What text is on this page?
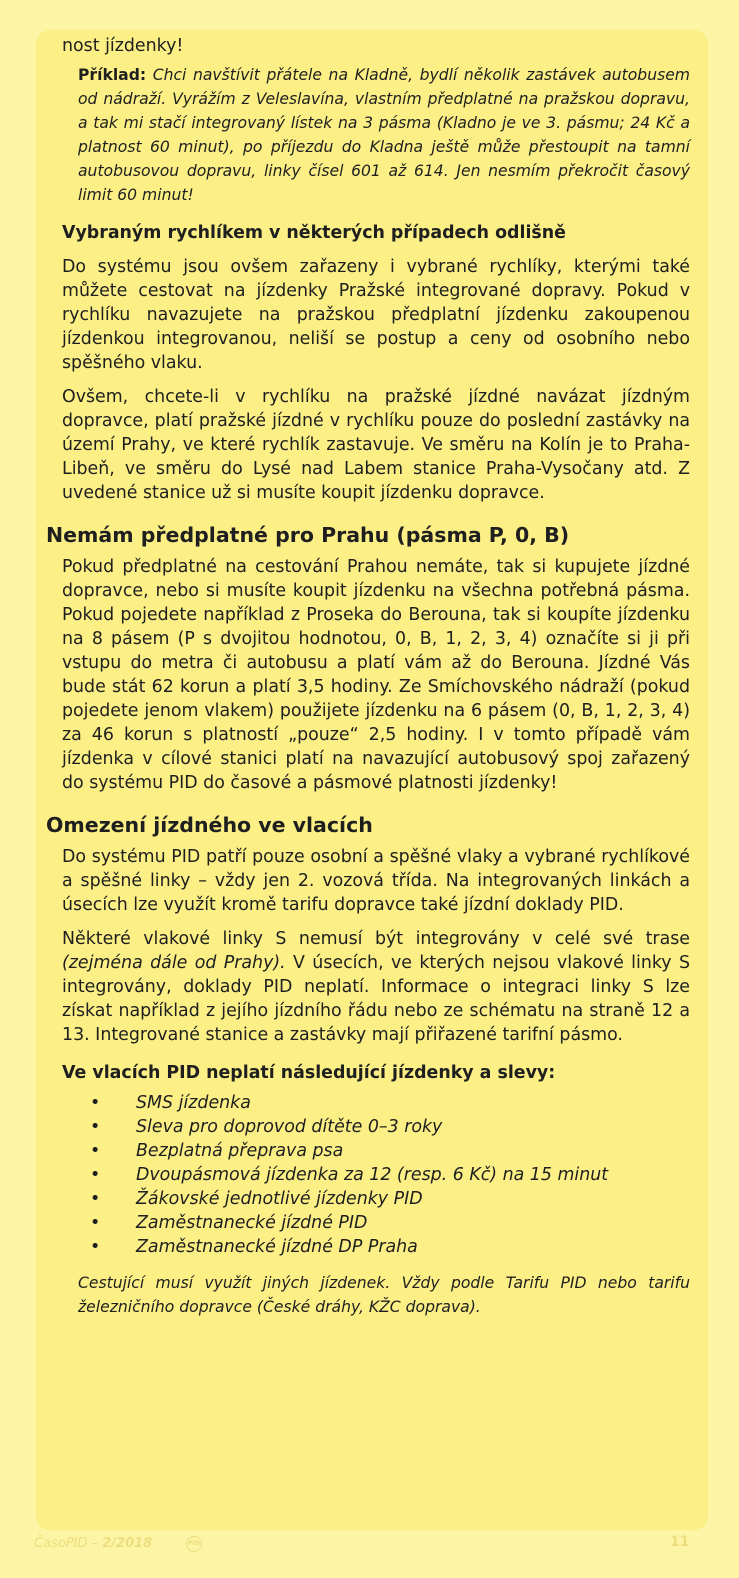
nost jízdenky!

Příklad: Chci navštívit přátele na Kladně, bydlí několik zastávek autobusem od nádraží. Vyrážím z Veleslavína, vlastním předplatné na pražskou dopravu, a tak mi stačí integrovaný lístek na 3 pásma (Kladno je ve 3. pásmu; 24 Kč a platnost 60 minut), po příjezdu do Kladna ještě může přestoupit na tamní autobusovou dopravu, linky čísel 601 až 614. Jen nesmím překročit časový limit 60 minut!

Vybraným rychlíkem v některých případech odlišně

Do systému jsou ovšem zařazeny i vybrané rychlíky, kterými také můžete cestovat na jízdenky Pražské integrované dopravy. Pokud v rychlíku navazujete na pražskou předplatní jízdenku zakoupenou jízdenkou integrovanou, neliší se postup a ceny od osobního nebo spěšného vlaku.

Ovšem, chcete-li v rychlíku na pražské jízdné navázat jízdným dopravce, platí pražské jízdné v rychlíku pouze do poslední zastávky na území Prahy, ve které rychlík zastavuje. Ve směru na Kolín je to Praha-Libeň, ve směru do Lysé nad Labem stanice Praha-Vysočany atd. Z uvedené stanice už si musíte koupit jízdenku dopravce.

Nemám předplatné pro Prahu (pásma P, 0, B)

Pokud předplatné na cestování Prahou nemáte, tak si kupujete jízdné dopravce, nebo si musíte koupit jízdenku na všechna potřebná pásma. Pokud pojedete například z Proseka do Berouna, tak si koupíte jízdenku na 8 pásem (P s dvojitou hodnotou, 0, B, 1, 2, 3, 4) označíte si ji při vstupu do metra či autobusu a platí vám až do Berouna. Jízdné Vás bude stát 62 korun a platí 3,5 hodiny. Ze Smíchovského nádraží (pokud pojedete jenom vlakem) použijete jízdenku na 6 pásem (0, B, 1, 2, 3, 4) za 46 korun s platností „pouze“ 2,5 hodiny. I v tomto případě vám jízdenka v cílové stanici platí na navazující autobusový spoj zařazený do systému PID do časové a pásmové platnosti jízdenky!

Omezení jízdného ve vlacích

Do systému PID patří pouze osobní a spěšné vlaky a vybrané rychlíkové a spěšné linky – vždy jen 2. vozová třída. Na integrovaných linkách a úsecích lze využít kromě tarifu dopravce také jízdní doklady PID.

Některé vlakové linky S nemusí být integrovány v celé své trase (zejména dále od Prahy). V úsecích, ve kterých nejsou vlakové linky S integrovány, doklady PID neplatí. Informace o integraci linky S lze získat například z jejího jízdního řádu nebo ze schématu na straně 12 a 13. Integrované stanice a zastávky mají přiřazené tarifní pásmo.

Ve vlacích PID neplatí následující jízdenky a slevy:

• SMS jízdenka
• Sleva pro doprovod dítěte 0–3 roky
• Bezplatná přeprava psa
• Dvoupásmová jízdenka za 12 (resp. 6 Kč) na 15 minut
• Žákovské jednotlivé jízdenky PID
• Zaměstnanecké jízdné PID
• Zaměstnanecké jízdné DP Praha

Cestující musí využít jiných jízdenek. Vždy podle Tarifu PID nebo tarifu železničního dopravce (České dráhy, KŽC doprava).

ČasoPID – 2/2018	PID	11
